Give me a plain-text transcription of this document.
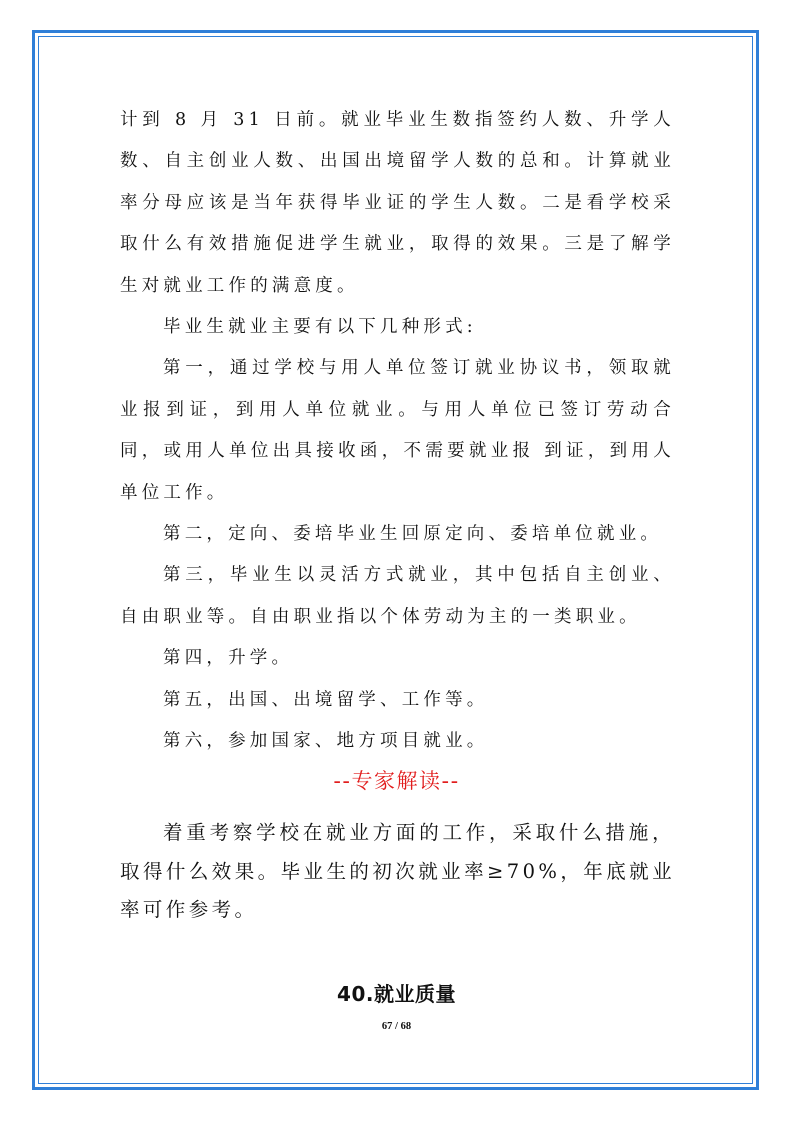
计到 8 月 31 日前。就业毕业生数指签约人数、升学人数、自主创业人数、出国出境留学人数的总和。计算就业率分母应该是当年获得毕业证的学生人数。二是看学校采取什么有效措施促进学生就业，取得的效果。三是了解学生对就业工作的满意度。

毕业生就业主要有以下几种形式:

第一，通过学校与用人单位签订就业协议书，领取就业报到证，到用人单位就业。与用人单位已签订劳动合同，或用人单位出具接收函，不需要就业报 到证，到用人单位工作。

第二，定向、委培毕业生回原定向、委培单位就业。

第三，毕业生以灵活方式就业，其中包括自主创业、自由职业等。自由职业指以个体劳动为主的一类职业。

第四，升学。

第五，出国、出境留学、工作等。

第六，参加国家、地方项目就业。

--专家解读--

着重考察学校在就业方面的工作，采取什么措施，取得什么效果。毕业生的初次就业率≥70%，年底就业率可作参考。

40.就业质量
67 / 68
